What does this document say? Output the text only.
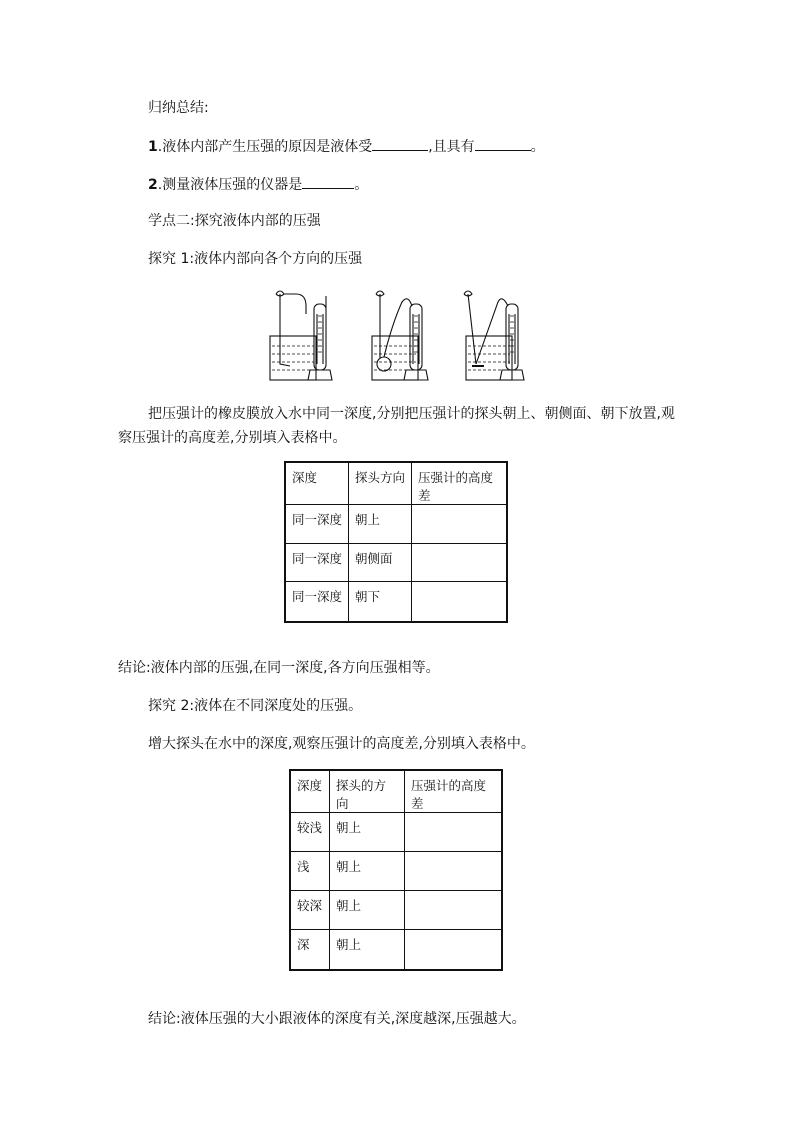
归纳总结:
1.液体内部产生压强的原因是液体受	,且具有	。
2.测量液体压强的仪器是	。
学点二:探究液体内部的压强
探究 1:液体内部向各个方向的压强
把压强计的橡皮膜放入水中同一深度,分别把压强计的探头朝上、朝侧面、朝下放置,观察压强计的高度差,分别填入表格中。
深度	探头方向	压强计的高度差
同一深度	朝上	
同一深度	朝侧面	
同一深度	朝下	
结论:液体内部的压强,在同一深度,各方向压强相等。
探究 2:液体在不同深度处的压强。
增大探头在水中的深度,观察压强计的高度差,分别填入表格中。
深度	探头的方向	压强计的高度差
较浅	朝上	
浅	朝上	
较深	朝上	
深	朝上	
结论:液体压强的大小跟液体的深度有关,深度越深,压强越大。
